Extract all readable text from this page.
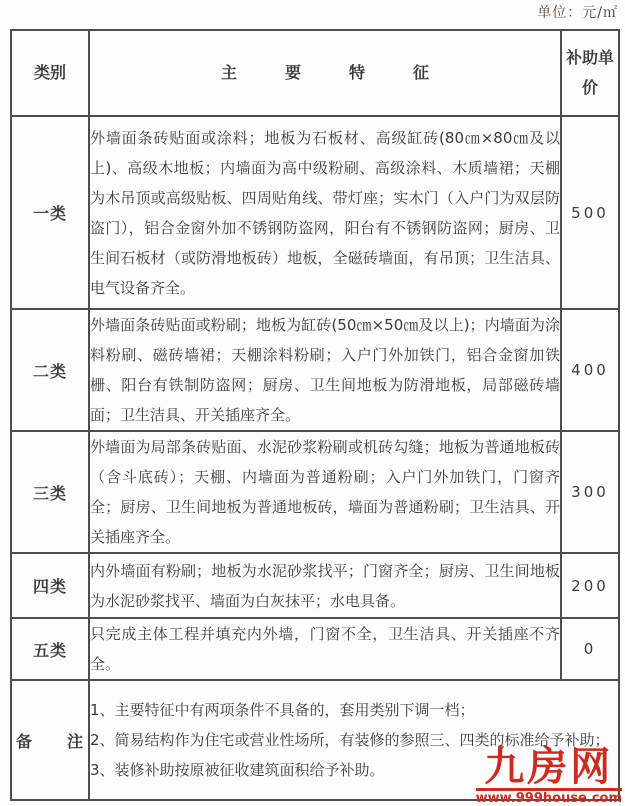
单位：元/㎡
类别	主　　　要　　　特　　　征	补助单价
一类	外墙面条砖贴面或涂料；地板为石板材、高级缸砖(80㎝×80㎝及以上)、高级木地板；内墙面为高中级粉刷、高级涂料、木质墙裙；天棚为木吊顶或高级贴板、四周贴角线、带灯座；实木门（入户门为双层防盗门），铝合金窗外加不锈钢防盗网，阳台有不锈钢防盗网；厨房、卫生间石板材（或防滑地板砖）地板，全磁砖墙面，有吊顶；卫生洁具、电气设备齐全。	500
二类	外墙面条砖贴面或粉刷；地板为缸砖(50㎝×50㎝及以上)；内墙面为涂料粉刷、磁砖墙裙；天棚涂料粉刷；入户门外加铁门，铝合金窗加铁栅、阳台有铁制防盗网；厨房、卫生间地板为防滑地板，局部磁砖墙面；卫生洁具、开关插座齐全。	400
三类	外墙面为局部条砖贴面、水泥砂浆粉刷或机砖勾缝；地板为普通地板砖（含斗底砖）；天棚、内墙面为普通粉刷；入户门外加铁门，门窗齐全；厨房、卫生间地板为普通地板砖，墙面为普通粉刷；卫生洁具、开关插座齐全。	300
四类	内外墙面有粉刷；地板为水泥砂浆找平；门窗齐全；厨房、卫生间地板为水泥砂浆找平、墙面为白灰抹平；水电具备。	200
五类	只完成主体工程并填充内外墙，门窗不全，卫生洁具、开关插座不齐全。	0
备　　注	1、主要特征中有两项条件不具备的，套用类别下调一档；

2、简易结构作为住宅或营业性场所，有装修的参照三、四类的标准给予补助；

3、装修补助按原被征收建筑面积给予补助。		九房网
www.999house.com
